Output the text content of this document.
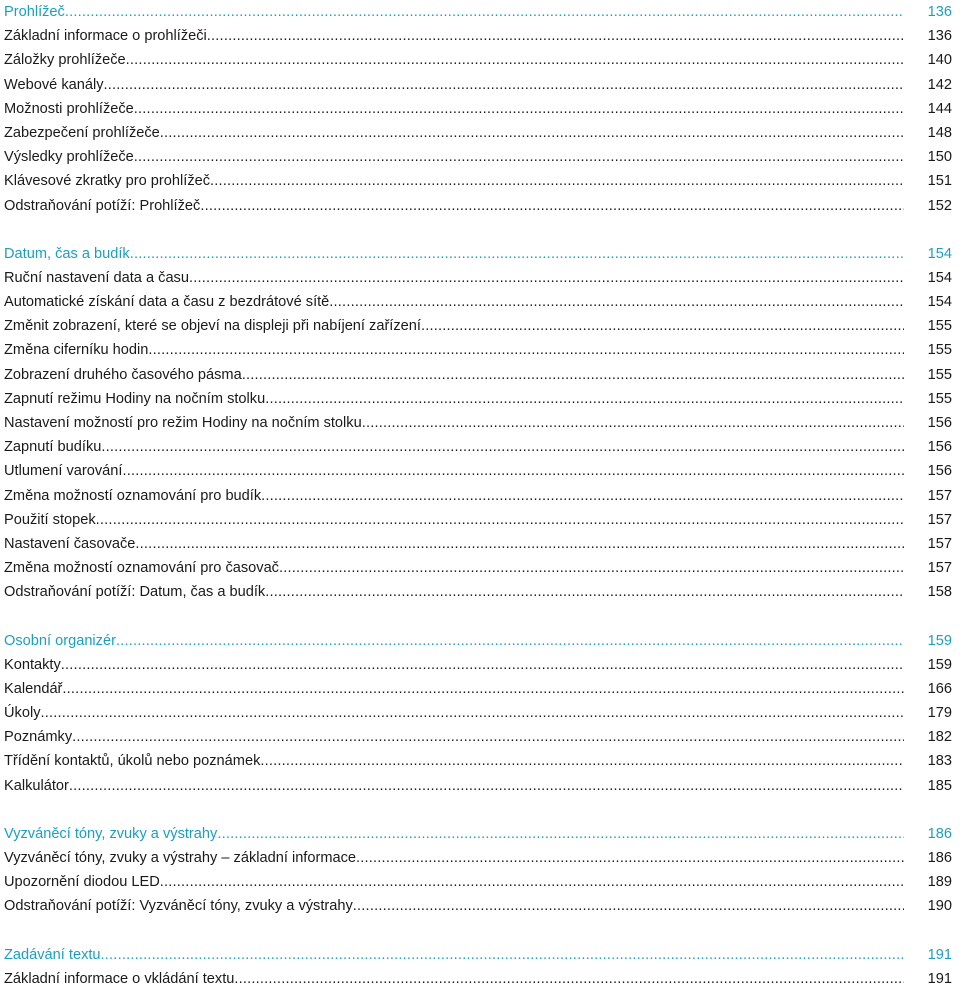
Prohlížeč .....	136
Základní informace o prohlížeči .....	136
Záložky prohlížeče .....	140
Webové kanály .....	142
Možnosti prohlížeče .....	144
Zabezpečení prohlížeče .....	148
Výsledky prohlížeče .....	150
Klávesové zkratky pro prohlížeč .....	151
Odstraňování potíží: Prohlížeč .....	152
Datum, čas a budík .....	154
Ruční nastavení data a času .....	154
Automatické získání data a času z bezdrátové sítě .....	154
Změnit zobrazení, které se objeví na displeji při nabíjení zařízení .....	155
Změna ciferníku hodin .....	155
Zobrazení druhého časového pásma .....	155
Zapnutí režimu Hodiny na nočním stolku .....	155
Nastavení možností pro režim Hodiny na nočním stolku .....	156
Zapnutí budíku .....	156
Utlumení varování .....	156
Změna možností oznamování pro budík .....	157
Použití stopek .....	157
Nastavení časovače .....	157
Změna možností oznamování pro časovač .....	157
Odstraňování potíží: Datum, čas a budík .....	158
Osobní organizér .....	159
Kontakty .....	159
Kalendář .....	166
Úkoly .....	179
Poznámky .....	182
Třídění kontaktů, úkolů nebo poznámek .....	183
Kalkulátor .....	185
Vyzváněcí tóny, zvuky a výstrahy .....	186
Vyzváněcí tóny, zvuky a výstrahy – základní informace .....	186
Upozornění diodou LED .....	189
Odstraňování potíží: Vyzváněcí tóny, zvuky a výstrahy .....	190
Zadávání textu .....	191
Základní informace o vkládání textu .....	191
